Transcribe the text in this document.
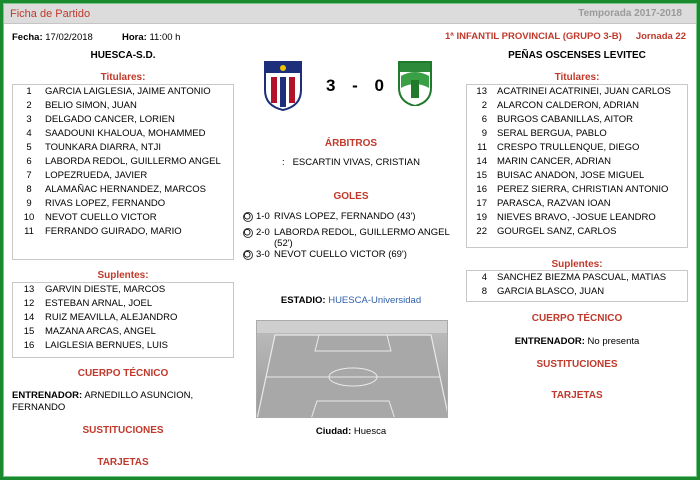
Ficha de Partido	Temporada 2017-2018
Fecha: 17/02/2018	Hora: 11:00 h	1ª INFANTIL PROVINCIAL (GRUPO 3-B) Jornada 22
HUESCA-S.D.	PEÑAS OSCENSES LEVITEC
3 - 0
Titulares:
1	GARCIA LAIGLESIA, JAIME ANTONIO
2	BELIO SIMON, JUAN
3	DELGADO CANCER, LORIEN
4	SAADOUNI KHALOUA, MOHAMMED
5	TOUNKARA DIARRA, NTJI
6	LABORDA REDOL, GUILLERMO ANGEL
7	LOPEZRUEDA, JAVIER
8	ALAMAÑAC HERNANDEZ, MARCOS
9	RIVAS LOPEZ, FERNANDO
10	NEVOT CUELLO VICTOR
11	FERRANDO GUIRADO, MARIO
Suplentes:
13	GARVIN DIESTE, MARCOS
12	ESTEBAN ARNAL, JOEL
14	RUIZ MEAVILLA, ALEJANDRO
15	MAZANA ARCAS, ANGEL
16	LAIGLESIA BERNUES, LUIS
CUERPO TÉCNICO
ENTRENADOR: ARNEDILLO ASUNCION, FERNANDO
SUSTITUCIONES
TARJETAS
Titulares:
13	ACATRINEI ACATRINEI, JUAN CARLOS
2	ALARCON CALDERON, ADRIAN
6	BURGOS CABANILLAS, AITOR
9	SERAL BERGUA, PABLO
11	CRESPO TRULLENQUE, DIEGO
14	MARIN CANCER, ADRIAN
15	BUISAC ANADON, JOSE MIGUEL
16	PEREZ SIERRA, CHRISTIAN ANTONIO
17	PARASCA, RAZVAN IOAN
19	NIEVES BRAVO, -JOSUE LEANDRO
22	GOURGEL SANZ, CARLOS
Suplentes:
4	SANCHEZ BIEZMA PASCUAL, MATIAS
8	GARCIA BLASCO, JUAN
CUERPO TÉCNICO
ENTRENADOR: No presenta
SUSTITUCIONES
TARJETAS
ÁRBITROS
: ESCARTIN VIVAS, CRISTIAN
GOLES
1-0 RIVAS LOPEZ, FERNANDO (43')
2-0 LABORDA REDOL, GUILLERMO ANGEL (52')
3-0 NEVOT CUELLO VICTOR (69')
ESTADIO: HUESCA-Universidad
Ciudad: Huesca
